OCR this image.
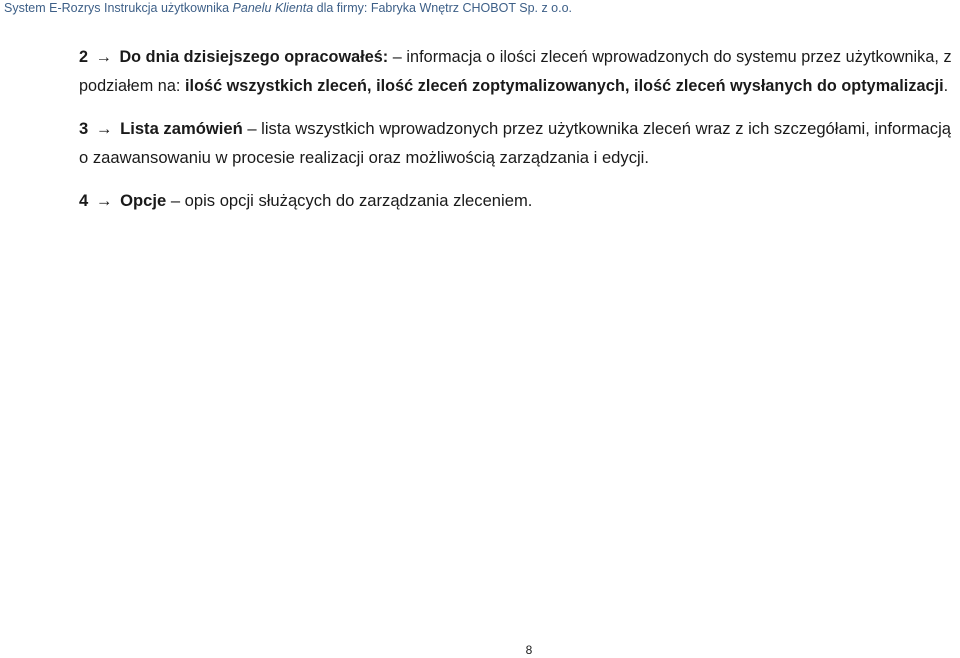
System E-Rozrys Instrukcja użytkownika Panelu Klienta dla firmy: Fabryka Wnętrz CHOBOT Sp. z o.o.

2 → Do dnia dzisiejszego opracowałeś: – informacja o ilości zleceń wprowadzonych do systemu przez użytkownika, z podziałem na: ilość wszystkich zleceń, ilość zleceń zoptymalizowanych, ilość zleceń wysłanych do optymalizacji.

3 → Lista zamówień – lista wszystkich wprowadzonych przez użytkownika zleceń wraz z ich szczegółami, informacją o zaawansowaniu w procesie realizacji oraz możliwością zarządzania i edycji.

4 → Opcje – opis opcji służących do zarządzania zleceniem.

8
